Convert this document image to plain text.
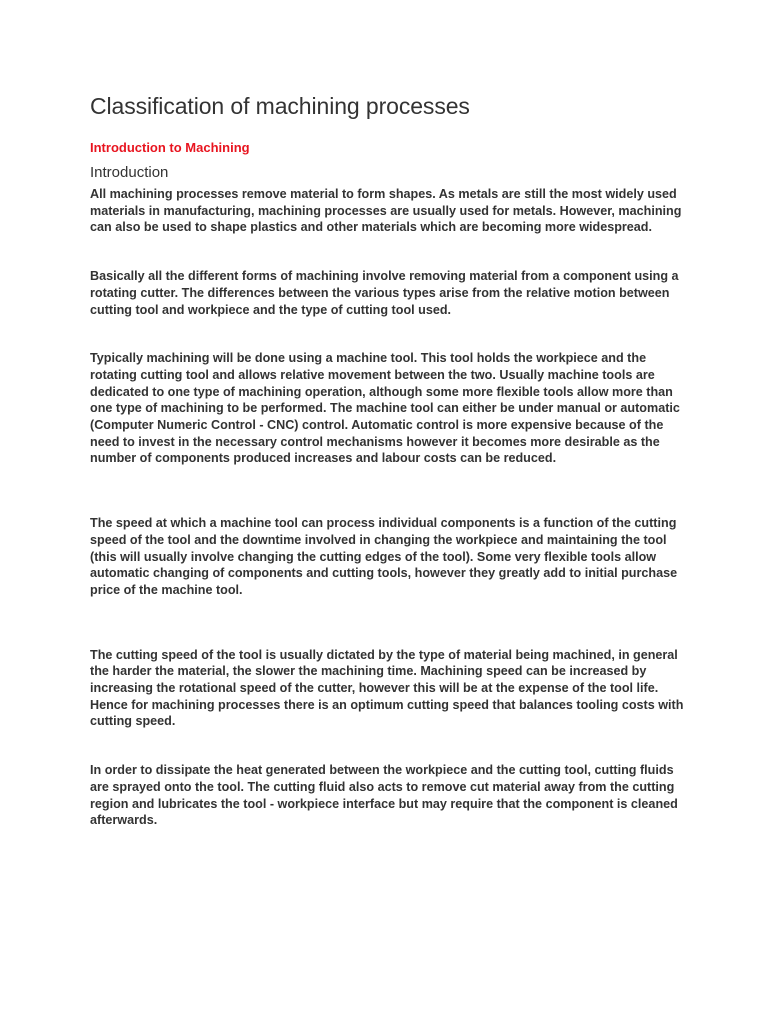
Classification of machining processes
Introduction to Machining
Introduction

All machining processes remove material to form shapes. As metals are still the most widely used materials in manufacturing, machining processes are usually used for metals. However, machining can also be used to shape plastics and other materials which are becoming more widespread.

Basically all the different forms of machining involve removing material from a component using a rotating cutter. The differences between the various types arise from the relative motion between cutting tool and workpiece and the type of cutting tool used.

Typically machining will be done using a machine tool. This tool holds the workpiece and the rotating cutting tool and allows relative movement between the two. Usually machine tools are dedicated to one type of machining operation, although some more flexible tools allow more than one type of machining to be performed. The machine tool can either be under manual or automatic (Computer Numeric Control - CNC) control. Automatic control is more expensive because of the need to invest in the necessary control mechanisms however it becomes more desirable as the number of components produced increases and labour costs can be reduced.

The speed at which a machine tool can process individual components is a function of the cutting speed of the tool and the downtime involved in changing the workpiece and maintaining the tool (this will usually involve changing the cutting edges of the tool). Some very flexible tools allow automatic changing of components and cutting tools, however they greatly add to initial purchase price of the machine tool.

The cutting speed of the tool is usually dictated by the type of material being machined, in general the harder the material, the slower the machining time. Machining speed can be increased by increasing the rotational speed of the cutter, however this will be at the expense of the tool life. Hence for machining processes there is an optimum cutting speed that balances tooling costs with cutting speed.

In order to dissipate the heat generated between the workpiece and the cutting tool, cutting fluids are sprayed onto the tool. The cutting fluid also acts to remove cut material away from the cutting region and lubricates the tool - workpiece interface but may require that the component is cleaned afterwards.
